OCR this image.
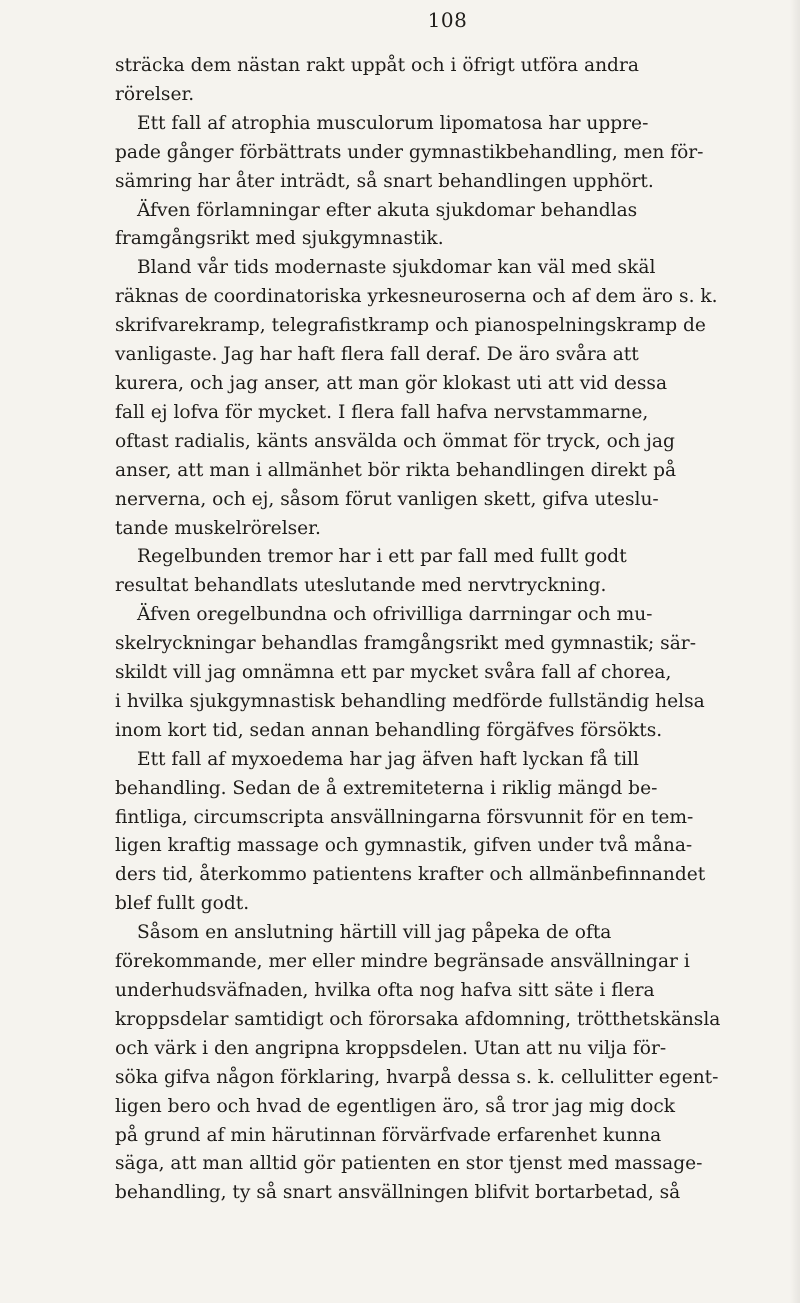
108
sträcka dem nästan rakt uppåt och i öfrigt utföra andra
rörelser.
Ett fall af atrophia musculorum lipomatosa har uppre-
pade gånger förbättrats under gymnastikbehandling, men för-
sämring har åter inträdt, så snart behandlingen upphört.
Äfven förlamningar efter akuta sjukdomar behandlas
framgångsrikt med sjukgymnastik.
Bland vår tids modernaste sjukdomar kan väl med skäl
räknas de coordinatoriska yrkesneuroserna och af dem äro s. k.
skrifvarekramp, telegrafistkramp och pianospelningskramp de
vanligaste. Jag har haft flera fall deraf. De äro svåra att
kurera, och jag anser, att man gör klokast uti att vid dessa
fall ej lofva för mycket. I flera fall hafva nervstammarne,
oftast radialis, känts ansvälda och ömmat för tryck, och jag
anser, att man i allmänhet bör rikta behandlingen direkt på
nerverna, och ej, såsom förut vanligen skett, gifva uteslu-
tande muskelrörelser.
Regelbunden tremor har i ett par fall med fullt godt
resultat behandlats uteslutande med nervtryckning.
Äfven oregelbundna och ofrivilliga darrningar och mu-
skelryckningar behandlas framgångsrikt med gymnastik; sär-
skildt vill jag omnämna ett par mycket svåra fall af chorea,
i hvilka sjukgymnastisk behandling medförde fullständig helsa
inom kort tid, sedan annan behandling förgäfves försökts.
Ett fall af myxoedema har jag äfven haft lyckan få till
behandling. Sedan de å extremiteterna i riklig mängd be-
fintliga, circumscripta ansvällningarna försvunnit för en tem-
ligen kraftig massage och gymnastik, gifven under två måna-
ders tid, återkommo patientens krafter och allmänbefinnandet
blef fullt godt.
Såsom en anslutning härtill vill jag påpeka de ofta
förekommande, mer eller mindre begränsade ansvällningar i
underhudsväfnaden, hvilka ofta nog hafva sitt säte i flera
kroppsdelar samtidigt och förorsaka afdomning, trötthetskänsla
och värk i den angripna kroppsdelen. Utan att nu vilja för-
söka gifva någon förklaring, hvarpå dessa s. k. cellulitter egent-
ligen bero och hvad de egentligen äro, så tror jag mig dock
på grund af min härutinnan förvärfvade erfarenhet kunna
säga, att man alltid gör patienten en stor tjenst med massage-
behandling, ty så snart ansvällningen blifvit bortarbetad, så
